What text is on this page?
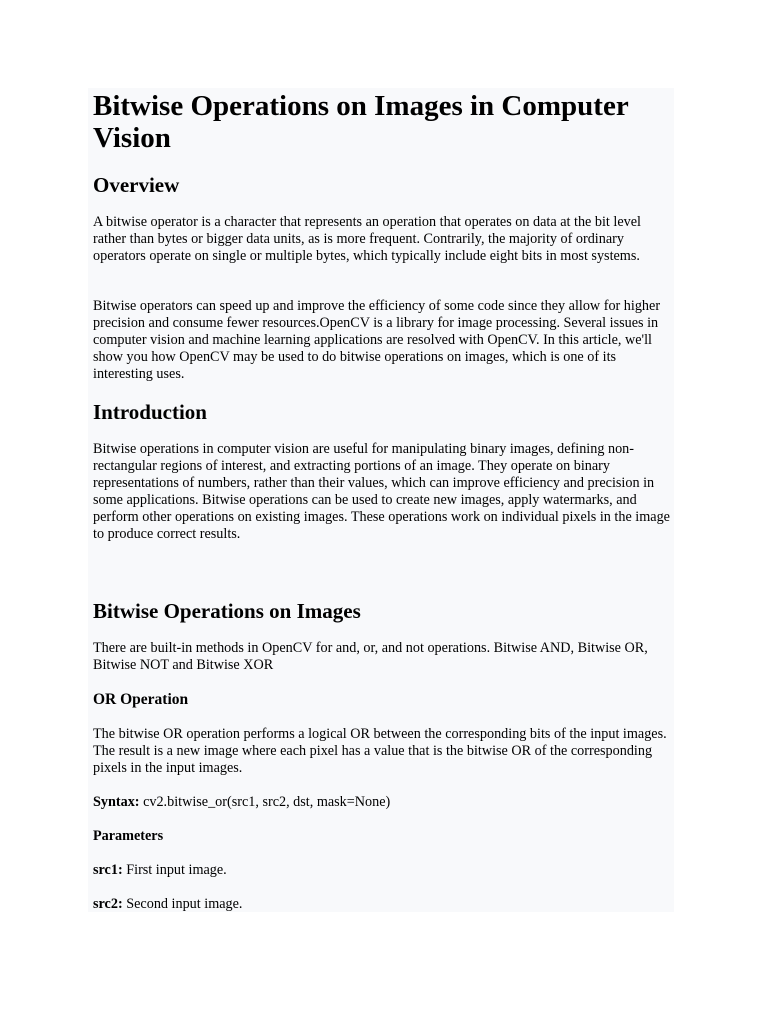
Bitwise Operations on Images in Computer Vision
Overview

A bitwise operator is a character that represents an operation that operates on data at the bit level rather than bytes or bigger data units, as is more frequent. Contrarily, the majority of ordinary operators operate on single or multiple bytes, which typically include eight bits in most systems.

Bitwise operators can speed up and improve the efficiency of some code since they allow for higher precision and consume fewer resources.OpenCV is a library for image processing. Several issues in computer vision and machine learning applications are resolved with OpenCV. In this article, we'll show you how OpenCV may be used to do bitwise operations on images, which is one of its interesting uses.

Introduction

Bitwise operations in computer vision are useful for manipulating binary images, defining non-rectangular regions of interest, and extracting portions of an image. They operate on binary representations of numbers, rather than their values, which can improve efficiency and precision in some applications. Bitwise operations can be used to create new images, apply watermarks, and perform other operations on existing images. These operations work on individual pixels in the image to produce correct results.

Bitwise Operations on Images

There are built-in methods in OpenCV for and, or, and not operations. Bitwise AND, Bitwise OR, Bitwise NOT and Bitwise XOR

OR Operation

The bitwise OR operation performs a logical OR between the corresponding bits of the input images. The result is a new image where each pixel has a value that is the bitwise OR of the corresponding pixels in the input images.

Syntax: cv2.bitwise_or(src1, src2, dst, mask=None)

Parameters

src1: First input image.

src2: Second input image.
